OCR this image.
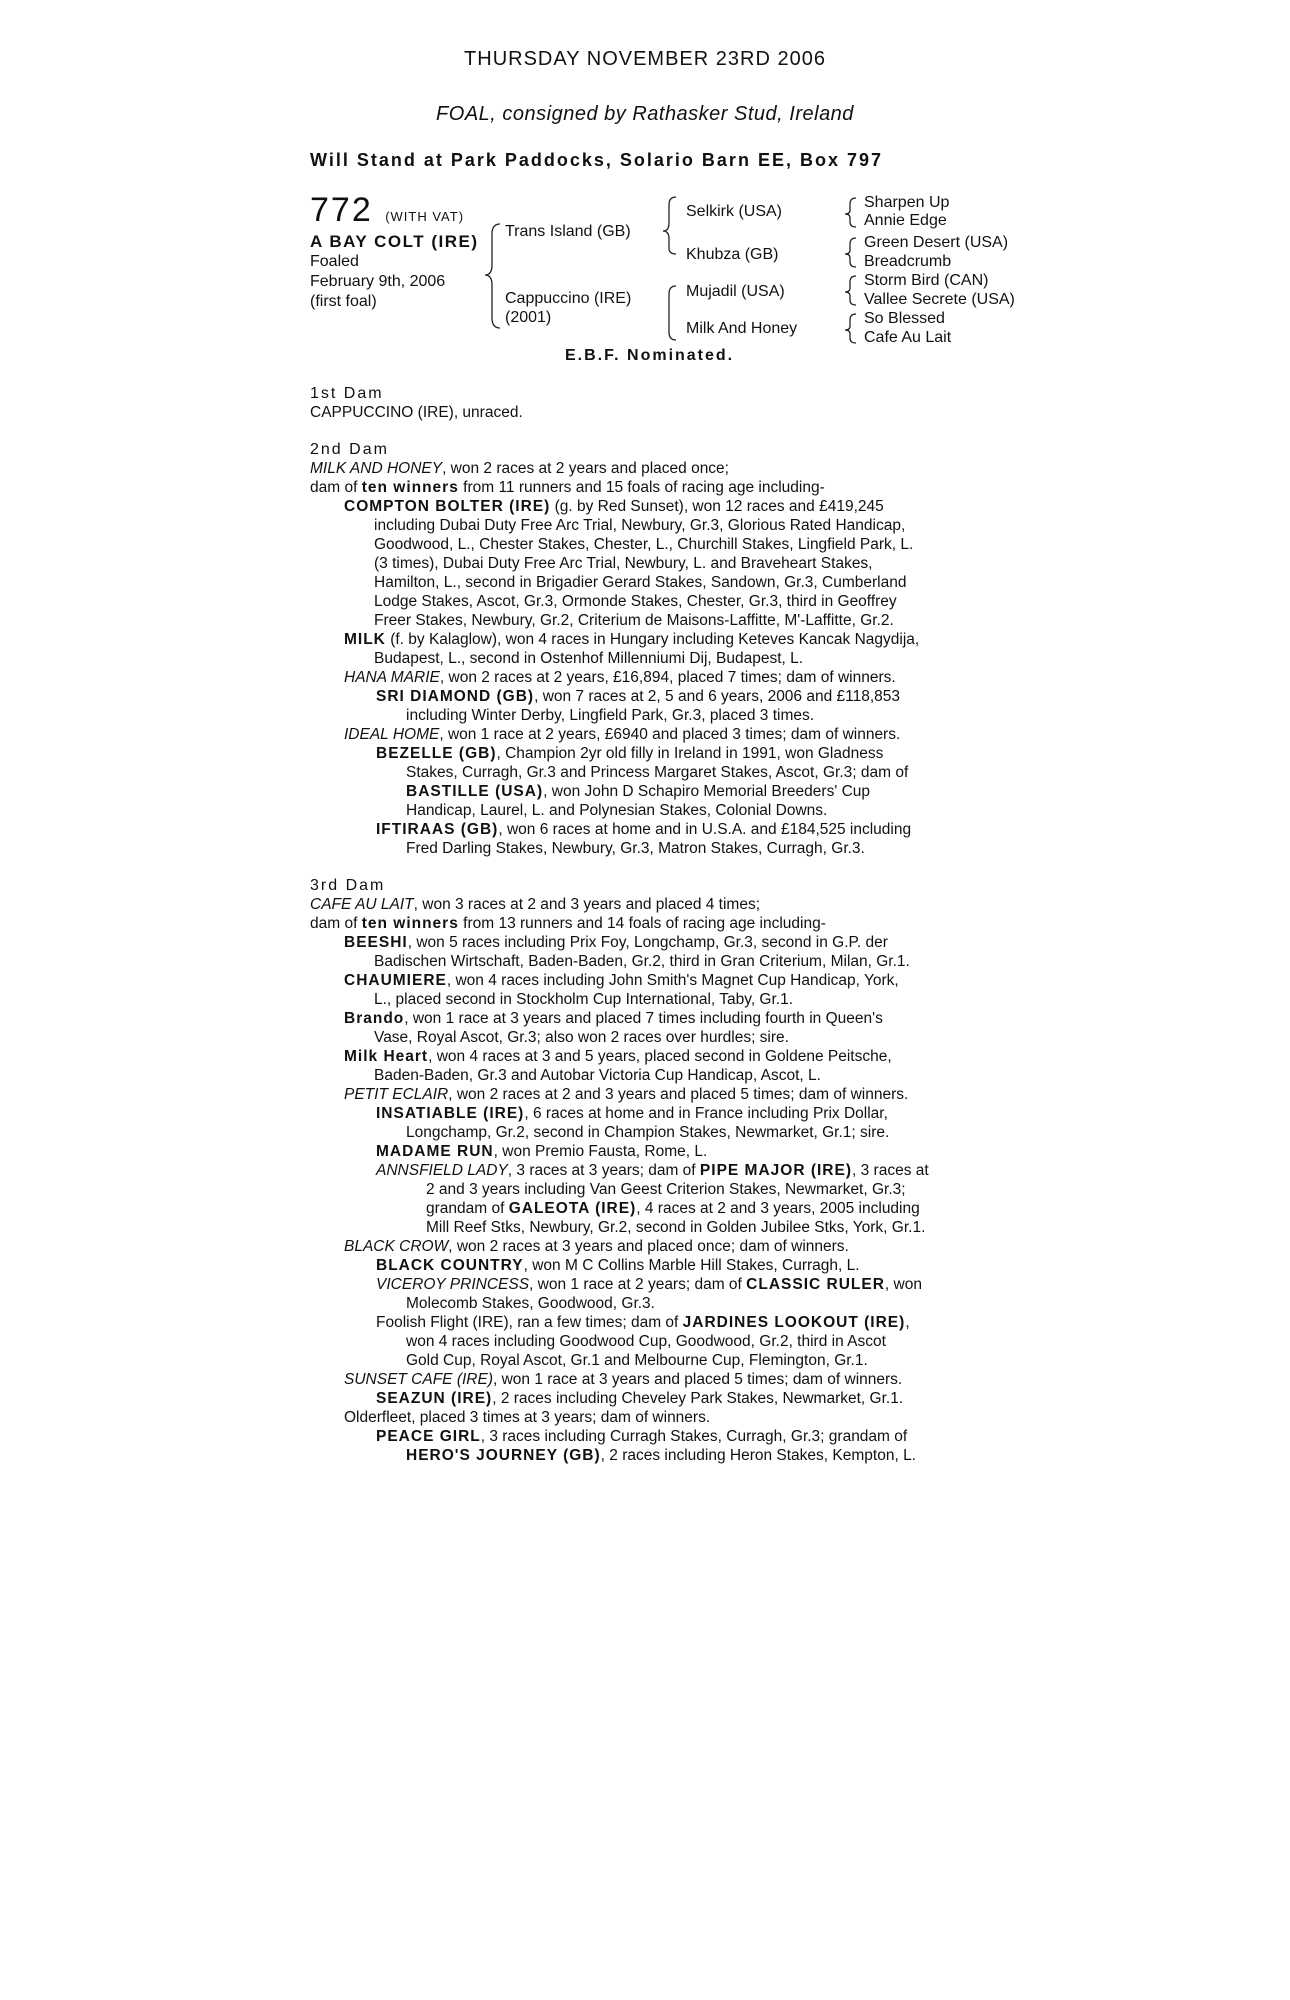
THURSDAY NOVEMBER 23RD 2006
FOAL, consigned by Rathasker Stud, Ireland
Will Stand at Park Paddocks, Solario Barn EE, Box 797
772 (WITH VAT)
A BAY COLT (IRE)
Foaled
February 9th, 2006
(first foal)
Trans Island (GB)
Cappuccino (IRE)
(2001)
Selkirk (USA)
Khubza (GB)
Mujadil (USA)
Milk And Honey
Sharpen Up
Annie Edge
Green Desert (USA)
Breadcrumb
Storm Bird (CAN)
Vallee Secrete (USA)
So Blessed
Cafe Au Lait
E.B.F. Nominated.
1st Dam
CAPPUCCINO (IRE), unraced.
2nd Dam
MILK AND HONEY, won 2 races at 2 years and placed once;
dam of ten winners from 11 runners and 15 foals of racing age including-
COMPTON BOLTER (IRE) (g. by Red Sunset), won 12 races and £419,245
including Dubai Duty Free Arc Trial, Newbury, Gr.3, Glorious Rated Handicap,
Goodwood, L., Chester Stakes, Chester, L., Churchill Stakes, Lingfield Park, L.
(3 times), Dubai Duty Free Arc Trial, Newbury, L. and Braveheart Stakes,
Hamilton, L., second in Brigadier Gerard Stakes, Sandown, Gr.3, Cumberland
Lodge Stakes, Ascot, Gr.3, Ormonde Stakes, Chester, Gr.3, third in Geoffrey
Freer Stakes, Newbury, Gr.2, Criterium de Maisons-Laffitte, M'-Laffitte, Gr.2.
MILK (f. by Kalaglow), won 4 races in Hungary including Keteves Kancak Nagydija,
Budapest, L., second in Ostenhof Millenniumi Dij, Budapest, L.
HANA MARIE, won 2 races at 2 years, £16,894, placed 7 times; dam of winners.
SRI DIAMOND (GB), won 7 races at 2, 5 and 6 years, 2006 and £118,853
including Winter Derby, Lingfield Park, Gr.3, placed 3 times.
IDEAL HOME, won 1 race at 2 years, £6940 and placed 3 times; dam of winners.
BEZELLE (GB), Champion 2yr old filly in Ireland in 1991, won Gladness
Stakes, Curragh, Gr.3 and Princess Margaret Stakes, Ascot, Gr.3; dam of
BASTILLE (USA), won John D Schapiro Memorial Breeders' Cup
Handicap, Laurel, L. and Polynesian Stakes, Colonial Downs.
IFTIRAAS (GB), won 6 races at home and in U.S.A. and £184,525 including
Fred Darling Stakes, Newbury, Gr.3, Matron Stakes, Curragh, Gr.3.
3rd Dam
CAFE AU LAIT, won 3 races at 2 and 3 years and placed 4 times;
dam of ten winners from 13 runners and 14 foals of racing age including-
BEESHI, won 5 races including Prix Foy, Longchamp, Gr.3, second in G.P. der
Badischen Wirtschaft, Baden-Baden, Gr.2, third in Gran Criterium, Milan, Gr.1.
CHAUMIERE, won 4 races including John Smith's Magnet Cup Handicap, York,
L., placed second in Stockholm Cup International, Taby, Gr.1.
Brando, won 1 race at 3 years and placed 7 times including fourth in Queen's
Vase, Royal Ascot, Gr.3; also won 2 races over hurdles; sire.
Milk Heart, won 4 races at 3 and 5 years, placed second in Goldene Peitsche,
Baden-Baden, Gr.3 and Autobar Victoria Cup Handicap, Ascot, L.
PETIT ECLAIR, won 2 races at 2 and 3 years and placed 5 times; dam of winners.
INSATIABLE (IRE), 6 races at home and in France including Prix Dollar,
Longchamp, Gr.2, second in Champion Stakes, Newmarket, Gr.1; sire.
MADAME RUN, won Premio Fausta, Rome, L.
ANNSFIELD LADY, 3 races at 3 years; dam of PIPE MAJOR (IRE), 3 races at
2 and 3 years including Van Geest Criterion Stakes, Newmarket, Gr.3;
grandam of GALEOTA (IRE), 4 races at 2 and 3 years, 2005 including
Mill Reef Stks, Newbury, Gr.2, second in Golden Jubilee Stks, York, Gr.1.
BLACK CROW, won 2 races at 3 years and placed once; dam of winners.
BLACK COUNTRY, won M C Collins Marble Hill Stakes, Curragh, L.
VICEROY PRINCESS, won 1 race at 2 years; dam of CLASSIC RULER, won
Molecomb Stakes, Goodwood, Gr.3.
Foolish Flight (IRE), ran a few times; dam of JARDINES LOOKOUT (IRE),
won 4 races including Goodwood Cup, Goodwood, Gr.2, third in Ascot
Gold Cup, Royal Ascot, Gr.1 and Melbourne Cup, Flemington, Gr.1.
SUNSET CAFE (IRE), won 1 race at 3 years and placed 5 times; dam of winners.
SEAZUN (IRE), 2 races including Cheveley Park Stakes, Newmarket, Gr.1.
Olderfleet, placed 3 times at 3 years; dam of winners.
PEACE GIRL, 3 races including Curragh Stakes, Curragh, Gr.3; grandam of
HERO'S JOURNEY (GB), 2 races including Heron Stakes, Kempton, L.
